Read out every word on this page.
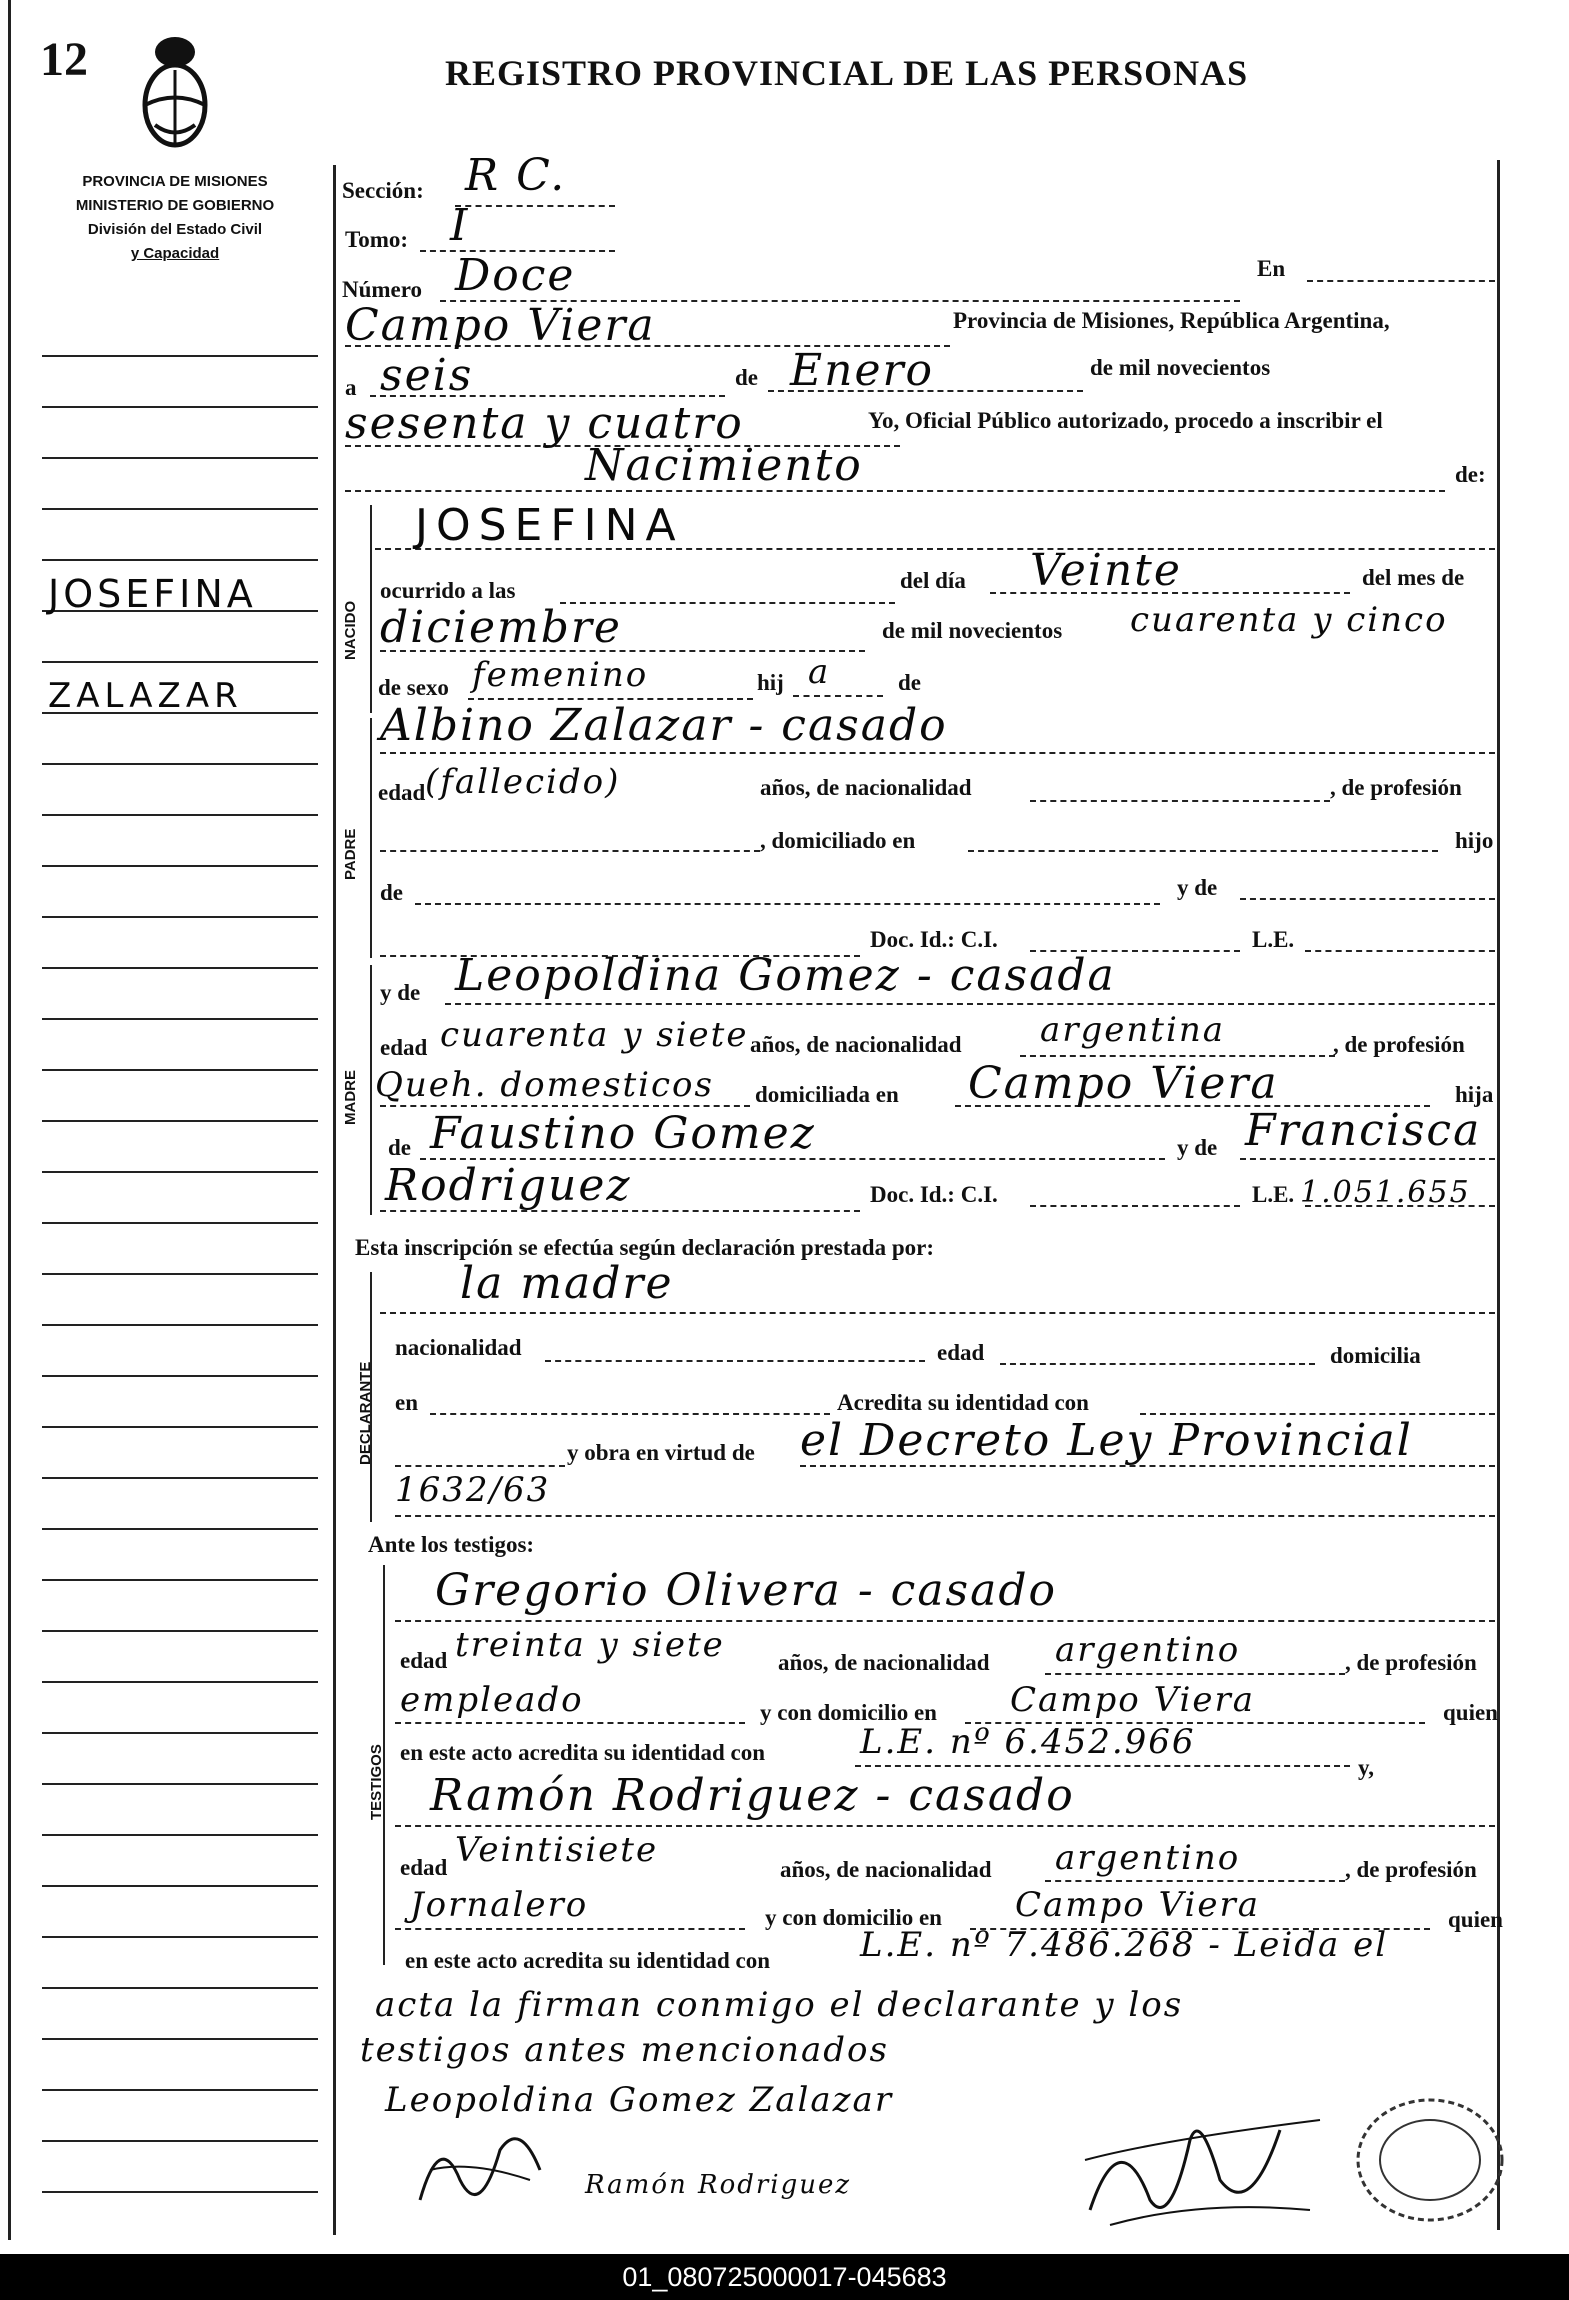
12	REGISTRO PROVINCIAL DE LAS PERSONAS
PROVINCIA DE MISIONES
MINISTERIO DE GOBIERNO
División del Estado Civil
y Capacidad
JOSEFINA
ZALAZAR
NACIDO
PADRE
MADRE
DECLARANTE
TESTIGOS
Sección: R C.
Tomo: I
Número Doce	En
Campo Viera	Provincia de Misiones, República Argentina,
a seis	de Enero	de mil novecientos
sesenta y cuatro	Yo, Oficial Público autorizado, procedo a inscribir el
Nacimiento	de:
JOSEFINA
ocurrido a las	del día Veinte	del mes de
diciembre	de mil novecientos cuarenta y cinco
de sexo femenino	hij a	de
Albino Zalazar - casado
edad (fallecido)	años, de nacionalidad	, de profesión
, domiciliado en	hijo
de	y de
Doc. Id.: C.I.	L.E.
y de Leopoldina Gomez - casada
edad cuarenta y siete años, de nacionalidad argentina	, de profesión
Queh. domesticos domiciliada en Campo Viera	hija
de Faustino Gomez	y de Francisca
Rodriguez	Doc. Id.: C.I.	L.E. 1.051.655
Esta inscripción se efectúa según declaración prestada por:
la madre
nacionalidad	edad	domicilia
en	Acredita su identidad con
y obra en virtud de el Decreto Ley Provincial
1632/63
Ante los testigos:
Gregorio Olivera - casado
edad treinta y siete años, de nacionalidad argentino	, de profesión
empleado	y con domicilio en Campo Viera	quien
en este acto acredita su identidad con	L.E. nº 6.452.966
y,
Ramón Rodriguez - casado
edad Veintisiete	años, de nacionalidad argentino	, de profesión
Jornalero	y con domicilio en Campo Viera	quien
en este acto acredita su identidad con	L.E. nº 7.486.268 - Leida el
acta la firman conmigo el declarante y los
testigos antes mencionados
Leopoldina Gomez Zalazar
Ramón Rodriguez
01_080725000017-045683
